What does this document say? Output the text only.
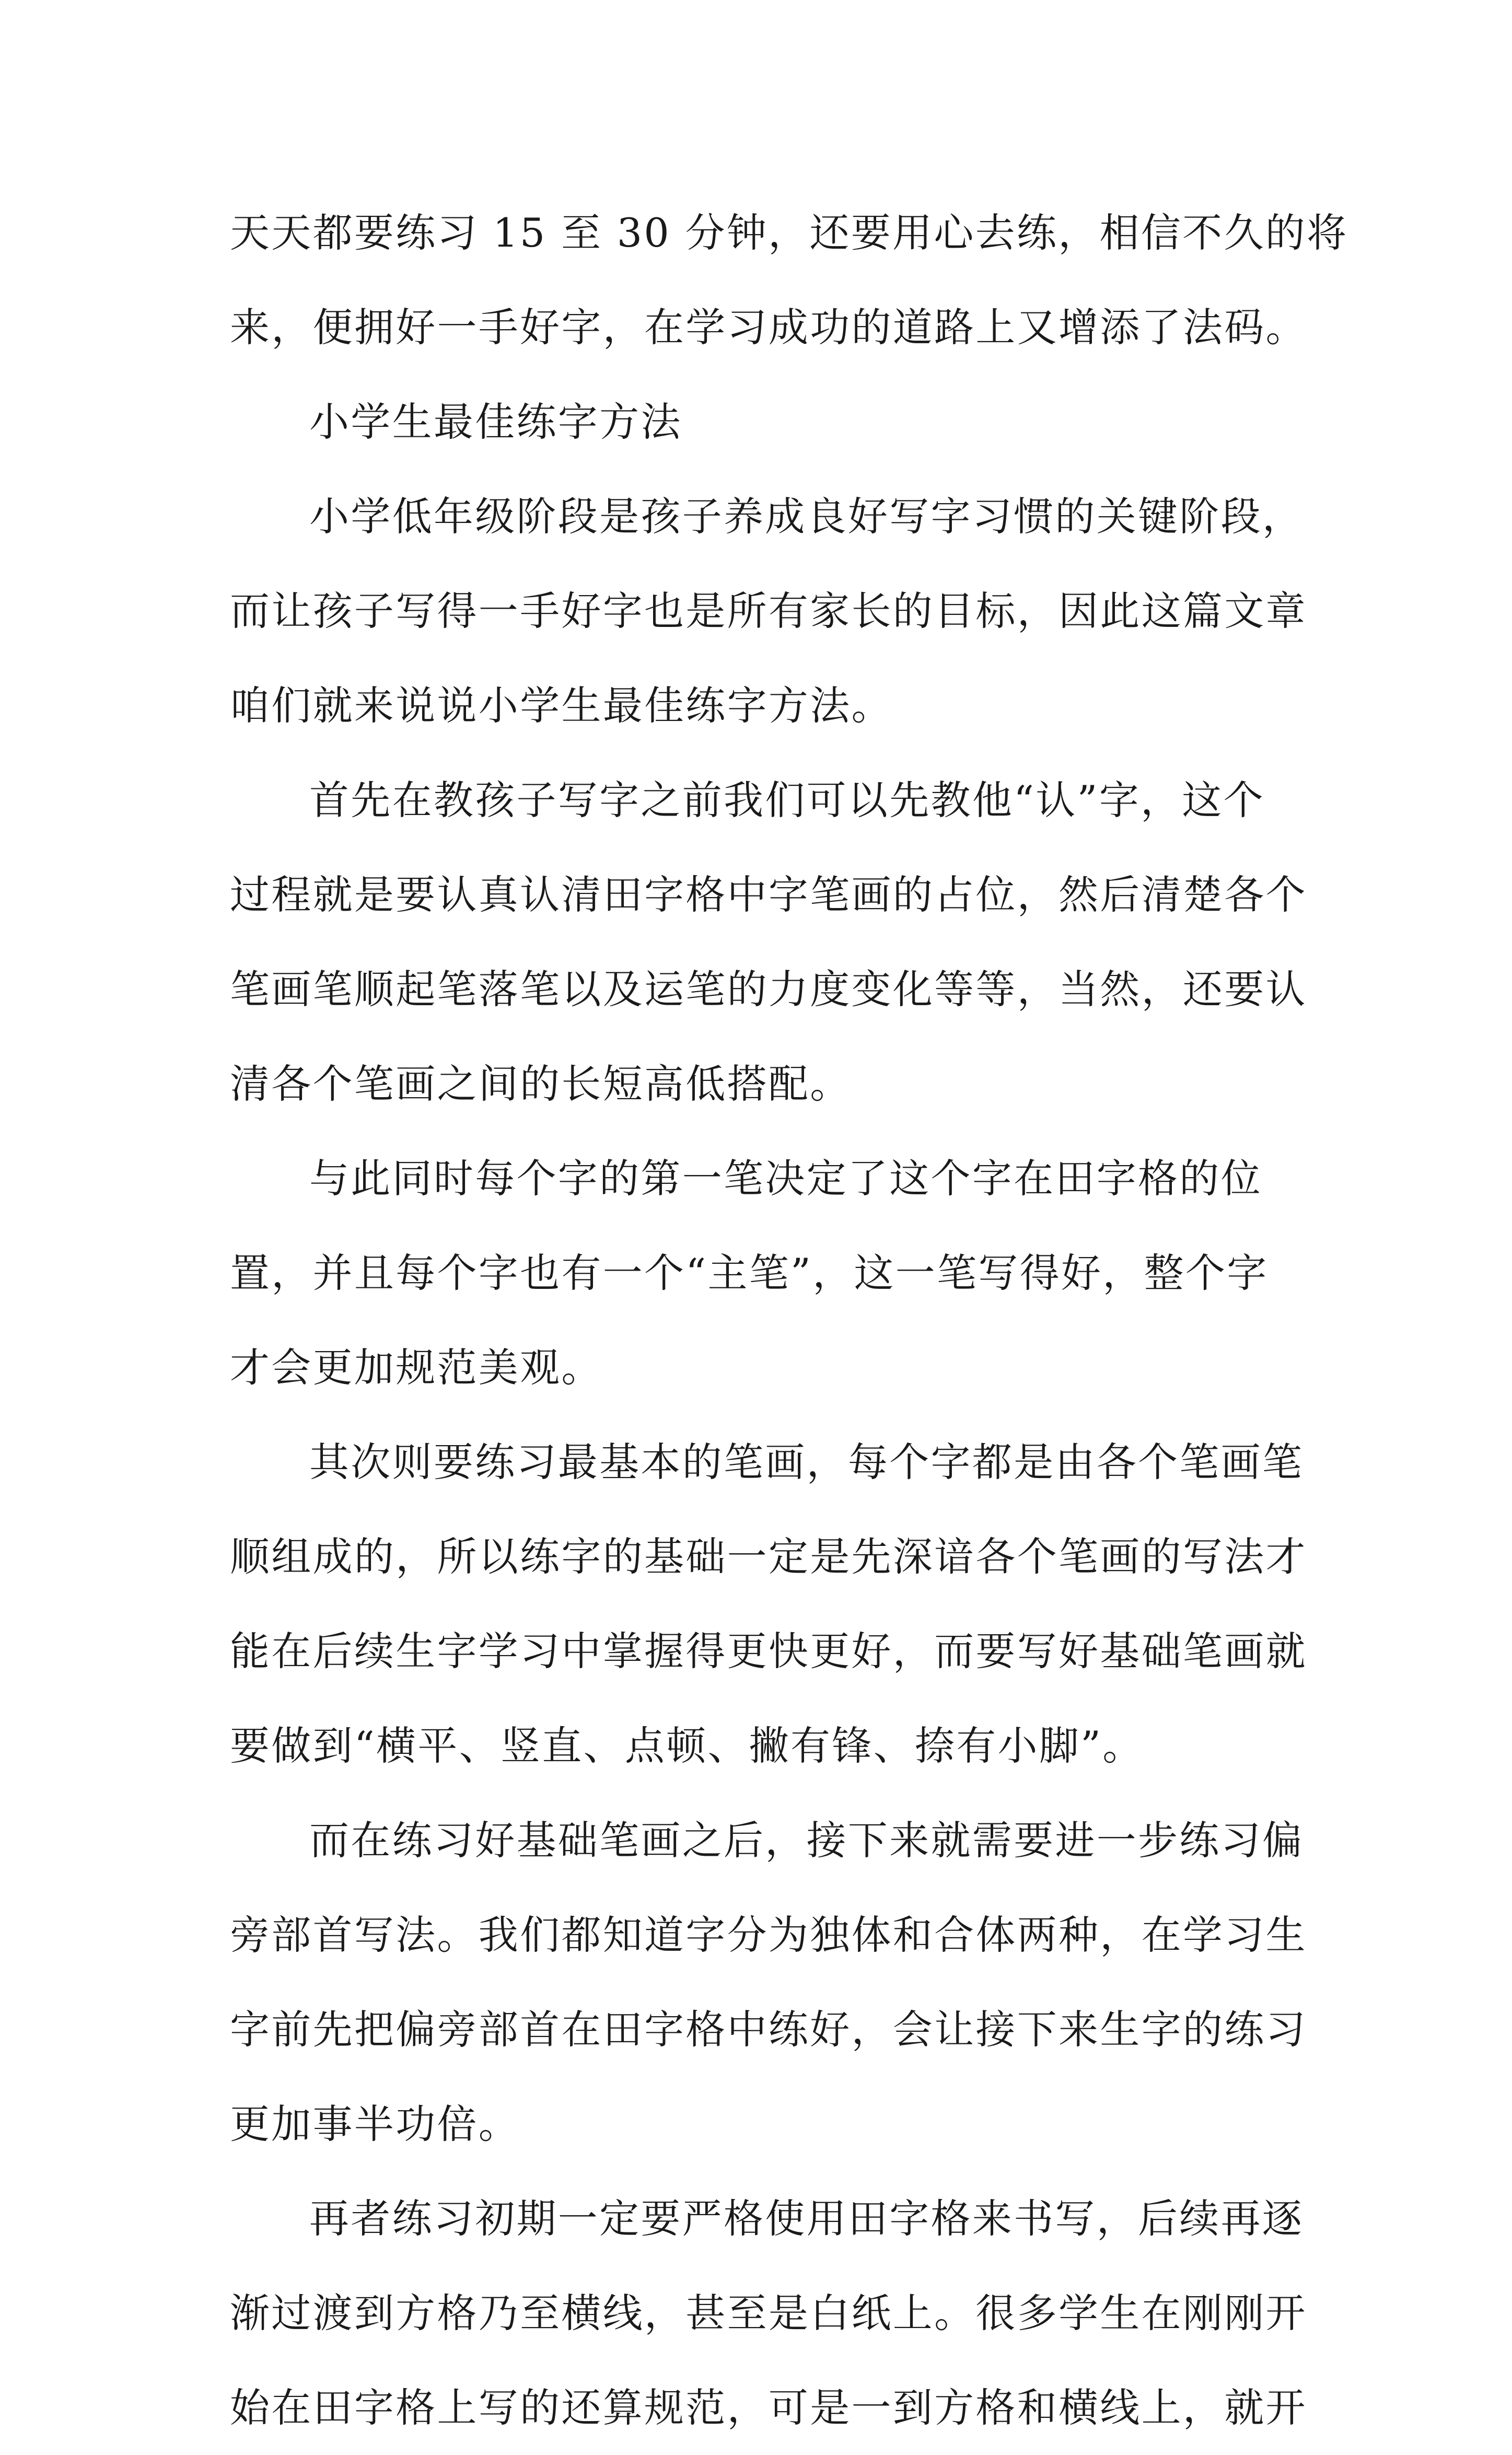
天天都要练习 15 至 30 分钟，还要用心去练，相信不久的将
来，便拥好一手好字，在学习成功的道路上又增添了法码。
小学生最佳练字方法
小学低年级阶段是孩子养成良好写字习惯的关键阶段，
而让孩子写得一手好字也是所有家长的目标，因此这篇文章
咱们就来说说小学生最佳练字方法。
首先在教孩子写字之前我们可以先教他“认”字，这个
过程就是要认真认清田字格中字笔画的占位，然后清楚各个
笔画笔顺起笔落笔以及运笔的力度变化等等，当然，还要认
清各个笔画之间的长短高低搭配。
与此同时每个字的第一笔决定了这个字在田字格的位
置，并且每个字也有一个“主笔”，这一笔写得好，整个字
才会更加规范美观。
其次则要练习最基本的笔画，每个字都是由各个笔画笔
顺组成的，所以练字的基础一定是先深谙各个笔画的写法才
能在后续生字学习中掌握得更快更好，而要写好基础笔画就
要做到“横平、竖直、点顿、撇有锋、捺有小脚”。
而在练习好基础笔画之后，接下来就需要进一步练习偏
旁部首写法。我们都知道字分为独体和合体两种，在学习生
字前先把偏旁部首在田字格中练好，会让接下来生字的练习
更加事半功倍。
再者练习初期一定要严格使用田字格来书写，后续再逐
渐过渡到方格乃至横线，甚至是白纸上。很多学生在刚刚开
始在田字格上写的还算规范，可是一到方格和横线上，就开
